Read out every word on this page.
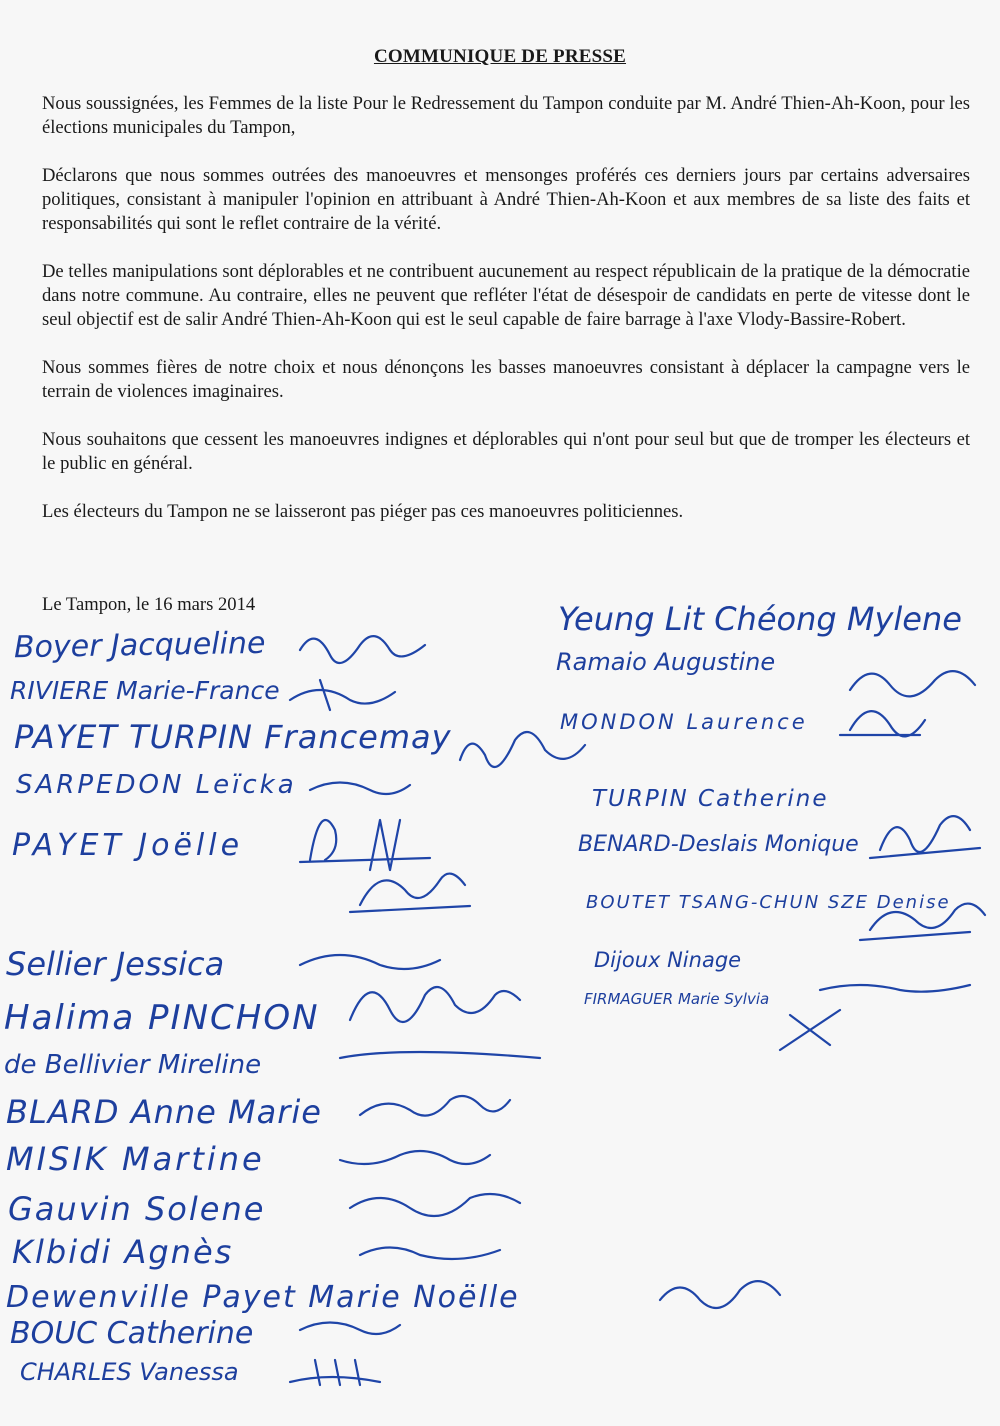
COMMUNIQUE DE PRESSE

Nous soussignées, les Femmes de la liste Pour le Redressement du Tampon conduite par M. André Thien-Ah-Koon, pour les élections municipales du Tampon,

Déclarons que nous sommes outrées des manoeuvres et mensonges proférés ces derniers jours par certains adversaires politiques, consistant à manipuler l'opinion en attribuant à André Thien-Ah-Koon et aux membres de sa liste des faits et responsabilités qui sont le reflet contraire de la vérité.

De telles manipulations sont déplorables et ne contribuent aucunement au respect républicain de la pratique de la démocratie dans notre commune. Au contraire, elles ne peuvent que refléter l'état de désespoir de candidats en perte de vitesse dont le seul objectif est de salir André Thien-Ah-Koon qui est le seul capable de faire barrage à l'axe Vlody-Bassire-Robert.

Nous sommes fières de notre choix et nous dénonçons les basses manoeuvres consistant à déplacer la campagne vers le terrain de violences imaginaires.

Nous souhaitons que cessent les manoeuvres indignes et déplorables qui n'ont pour seul but que de tromper les électeurs et le public en général.

Les électeurs du Tampon ne se laisseront pas piéger pas ces manoeuvres politiciennes.

Le Tampon, le 16 mars 2014
Boyer Jacqueline
RIVIERE Marie-France
PAYET TURPIN Francemay
SARPEDON Leïcka
PAYET Joëlle
Sellier Jessica
Halima PINCHON
de Bellivier Mireline
BLARD Anne Marie
MISIK Martine
Gauvin Solene
Klbidi Agnès
Dewenville Payet Marie Noëlle
BOUC Catherine
CHARLES Vanessa
Yeung Lit Chéong Mylene
Ramaio Augustine
MONDON Laurence
TURPIN Catherine
BENARD-Deslais Monique
BOUTET TSANG-CHUN SZE Denise
Dijoux Ninage
FIRMAGUER Marie Sylvia
